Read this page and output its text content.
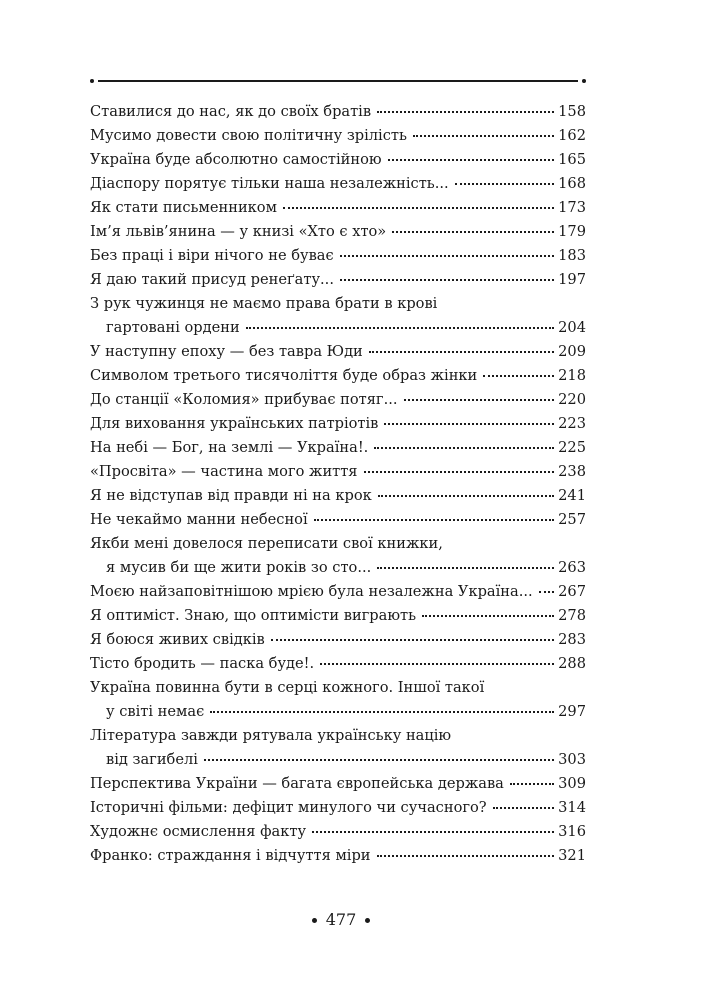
Ставилися до нас, як до своїх братів	158
Мусимо довести свою політичну зрілість	162
Україна буде абсолютно самостійною	165
Діаспору порятує тільки наша незалежність...	168
Як стати письменником	173
Ім’я львів’янина — у книзі «Хто є хто»	179
Без праці і віри нічого не буває	183
Я даю такий присуд ренеґату...	197
З рук чужинця не маємо права брати в крові
гартовані ордени	204
У наступну епоху — без тавра Юди	209
Символом третього тисячоліття буде образ жінки	218
До станції «Коломия» прибуває потяг...	220
Для виховання українських патріотів	223
На небі — Бог, на землі — Україна!.	225
«Просвіта» — частина мого життя	238
Я не відступав від правди ні на крок	241
Не чекаймо манни небесної	257
Якби мені довелося переписати свої книжки,
я мусив би ще жити років зо сто...	263
Моєю найзаповітнішою мрією була незалежна Україна... 267
Я оптиміст. Знаю, що оптимісти виграють	278
Я боюся живих свідків	283
Тісто бродить — паска буде!.	288
Україна повинна бути в серці кожного. Іншої такої
у світі немає	297
Література завжди рятувала українську націю
від загибелі	303
Перспектива України — багата європейська держава	309
Історичні фільми: дефіцит минулого чи сучасного?	314
Художнє осмислення факту	316
Франко: страждання і відчуття міри	321
477
